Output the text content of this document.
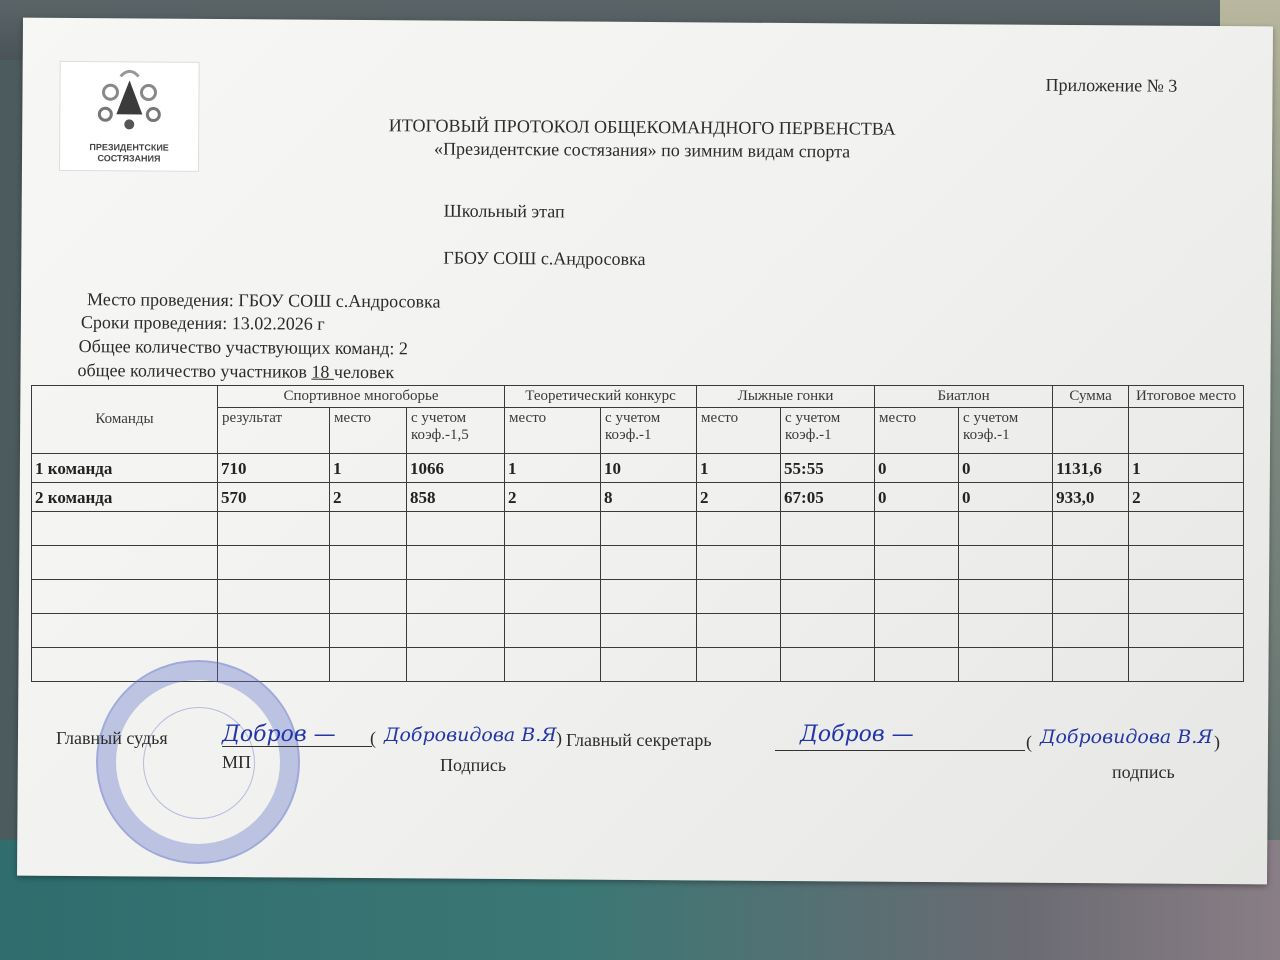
ПРЕЗИДЕНТСКИЕ
СОСТЯЗАНИЯ
Приложение № 3
ИТОГОВЫЙ ПРОТОКОЛ ОБЩЕКОМАНДНОГО ПЕРВЕНСТВА
«Президентские состязания» по зимним видам спорта
Школьный этап
ГБОУ СОШ с.Андросовка
Место проведения: ГБОУ СОШ с.Андросовка
Сроки проведения: 13.02.2026 г
Общее количество участвующих команд: 2
общее количество участников 18 человек
Команды	Спортивное многоборье			Теоретический конкурс		Лыжные гонки		Биатлон		Сумма	Итоговое место
	результат	место	с учетом коэф.-1,5	место	с учетом коэф.-1	место	с учетом коэф.-1	место	с учетом коэф.-1		
1 команда	710	1	1066	1	10	1	55:55	0	0	1131,6	1
2 команда	570	2	858	2	8	2	67:05	0	0	933,0	2

Главный судья Добров — ( Добровидова В.Я )
МП	Подпись
Главный секретарь	Добров —	( Добровидова В.Я )
подпись
